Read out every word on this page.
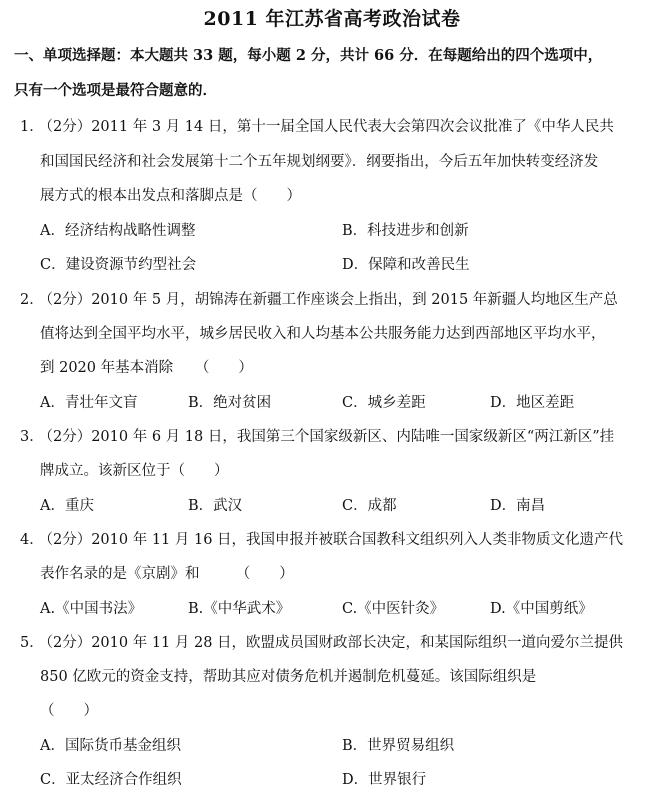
2011 年江苏省高考政治试卷
一、单项选择题：本大题共 33 题，每小题 2 分，共计 66 分．在每题给出的四个选项中，
只有一个选项是最符合题意的．
1． （2分）2011 年 3 月 14 日，第十一届全国人民代表大会第四次会议批准了《中华人民共
和国国民经济和社会发展第十二个五年规划纲要》．纲要指出，今后五年加快转变经济发
展方式的根本出发点和落脚点是（　　）
A．经济结构战略性调整	B．科技进步和创新
C．建设资源节约型社会	D．保障和改善民生
2． （2分）2010 年 5 月，胡锦涛在新疆工作座谈会上指出，到 2015 年新疆人均地区生产总
值将达到全国平均水平，城乡居民收入和人均基本公共服务能力达到西部地区平均水平，
到 2020 年基本消除　　（　　）
A．青壮年文盲	B．绝对贫困	C．城乡差距	D．地区差距
3． （2分）2010 年 6 月 18 日，我国第三个国家级新区、内陆唯一国家级新区“两江新区”挂
牌成立。该新区位于（　　）
A．重庆	B．武汉	C．成都	D．南昌
4． （2分）2010 年 11 月 16 日，我国申报并被联合国教科文组织列入人类非物质文化遗产代
表作名录的是《京剧》和　　　（　　）
A.《中国书法》	B.《中华武术》	C.《中医针灸》	D.《中国剪纸》
5． （2分）2010 年 11 月 28 日，欧盟成员国财政部长决定，和某国际组织一道向爱尔兰提供
850 亿欧元的资金支持，帮助其应对债务危机并遏制危机蔓延。该国际组织是
（　　）
A．国际货币基金组织	B．世界贸易组织
C．亚太经济合作组织	D．世界银行
